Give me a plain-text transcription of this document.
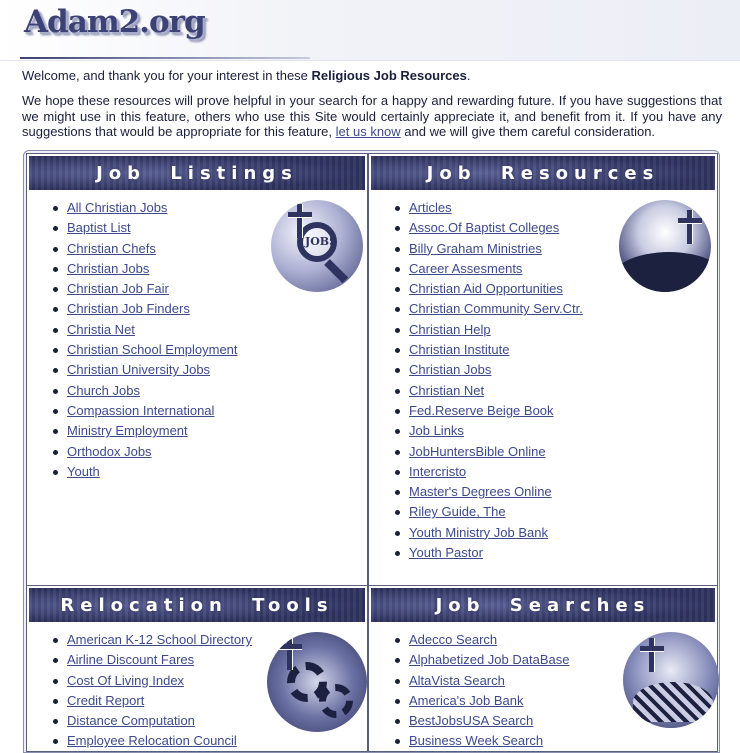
Adam2.org

Welcome, and thank you for your interest in these Religious Job Resources.

We hope these resources will prove helpful in your search for a happy and rewarding future. If you have suggestions that we might use in this feature, others who use this Site would certainly appreciate it, and benefit from it. If you have any suggestions that would be appropriate for this feature, let us know and we will give them careful consideration.

Job Listings
JOBS
All Christian Jobs
Baptist List
Christian Chefs
Christian Jobs
Christian Job Fair
Christian Job Finders
Christia Net
Christian School Employment
Christian University Jobs
Church Jobs
Compassion International
Ministry Employment
Orthodox Jobs
Youth
Job Resources
Articles
Assoc.Of Baptist Colleges
Billy Graham Ministries
Career Assesments
Christian Aid Opportunities
Christian Community Serv.Ctr.
Christian Help
Christian Institute
Christian Jobs
Christian Net
Fed.Reserve Beige Book
Job Links
JobHuntersBible Online
Intercristo
Master's Degrees Online
Riley Guide, The
Youth Ministry Job Bank
Youth Pastor
Relocation Tools
American K-12 School Directory
Airline Discount Fares
Cost Of Living Index
Credit Report
Distance Computation
Employee Relocation Council
Job Searches
Adecco Search
Alphabetized Job DataBase
AltaVista Search
America's Job Bank
BestJobsUSA Search
Business Week Search
